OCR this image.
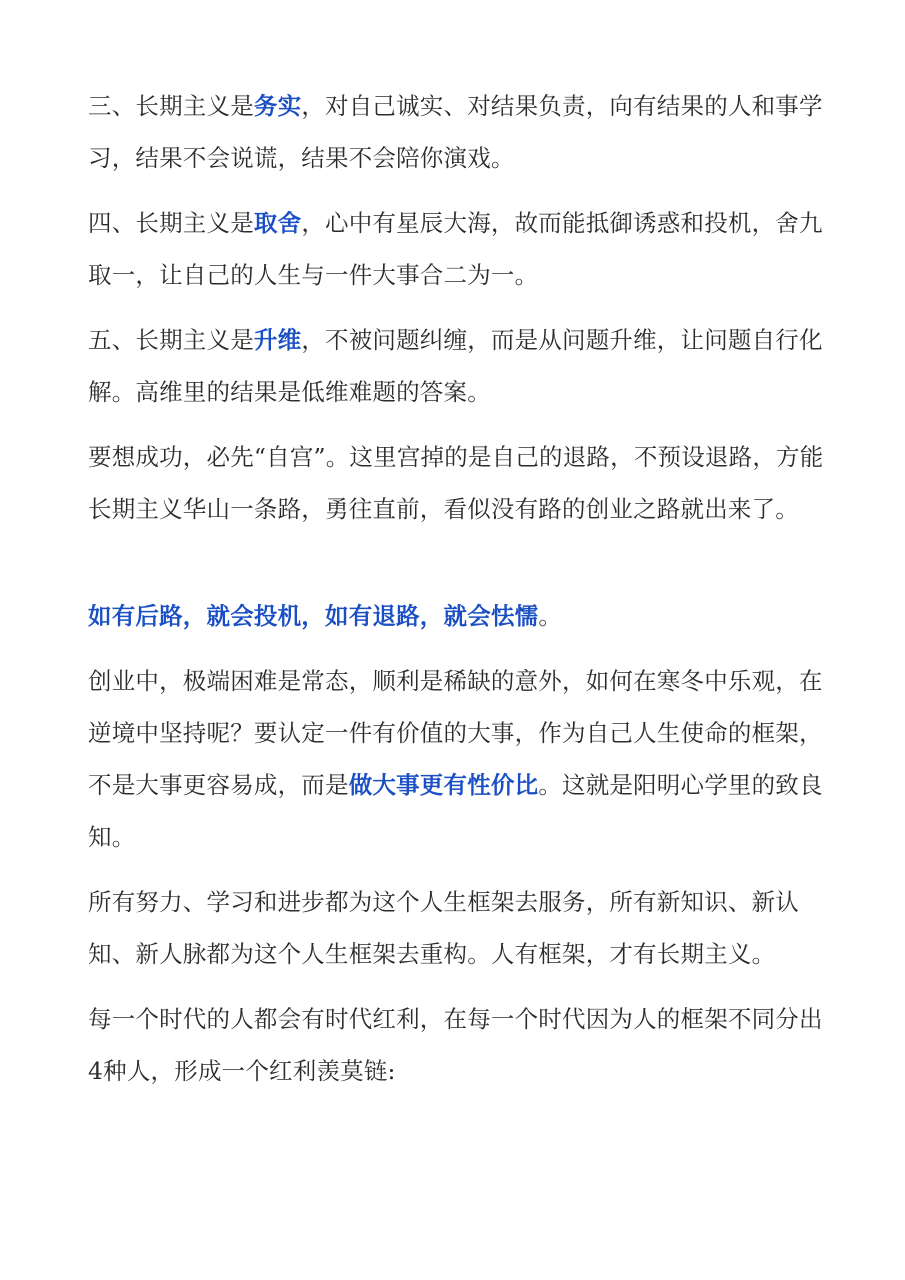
三、长期主义是务实，对自己诚实、对结果负责，向有结果的人和事学习，结果不会说谎，结果不会陪你演戏。

四、长期主义是取舍，心中有星辰大海，故而能抵御诱惑和投机，舍九取一，让自己的人生与一件大事合二为一。

五、长期主义是升维，不被问题纠缠，而是从问题升维，让问题自行化解。高维里的结果是低维难题的答案。

要想成功，必先“自宫”。这里宫掉的是自己的退路，不预设退路，方能长期主义华山一条路，勇往直前，看似没有路的创业之路就出来了。

如有后路，就会投机，如有退路，就会怯懦。

创业中，极端困难是常态，顺利是稀缺的意外，如何在寒冬中乐观，在逆境中坚持呢？要认定一件有价值的大事，作为自己人生使命的框架，不是大事更容易成，而是做大事更有性价比。这就是阳明心学里的致良知。

所有努力、学习和进步都为这个人生框架去服务，所有新知识、新认知、新人脉都为这个人生框架去重构。人有框架，才有长期主义。

每一个时代的人都会有时代红利，在每一个时代因为人的框架不同分出4种人，形成一个红利羡莫链:
